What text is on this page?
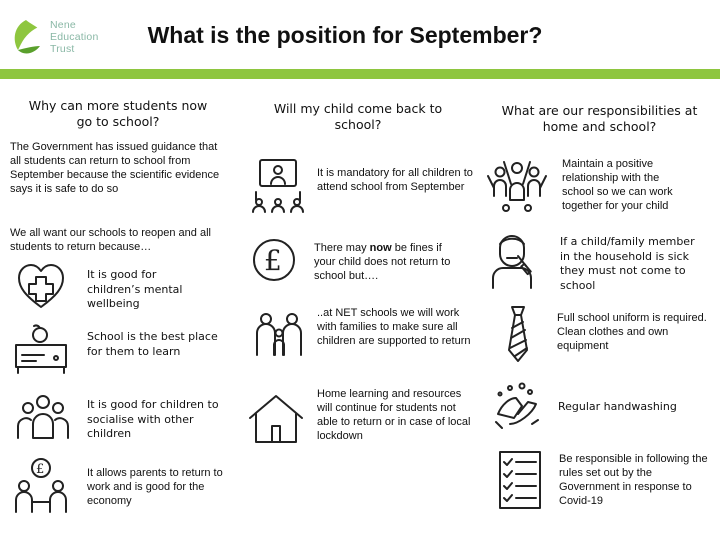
Nene
Education
Trust
What is the position for September?
Why can more students now go to school?
The Government has issued guidance that all students can return to school from September because the scientific evidence says it is safe to do so
We all want our schools to reopen and all students to return because…
It is good for children’s mental wellbeing
School is the best place for them to learn
It is good for children to socialise with other children
£	It allows parents to return to work and is good for the economy
Will my child come back to school?
It is mandatory for all children to attend school from September
£	There may now be fines if your child does not return to school but….
..at NET schools we will work with families to make sure all children are supported to return
Home learning and resources will continue for students not able to return or in case of local lockdown
What are our responsibilities at home and school?
Maintain a positive relationship with the school so we can work together for your child
If a child/family member in the household is sick they must not come to school
Full school uniform is required.
Clean clothes and own equipment
Regular handwashing
Be responsible in following the rules set out by the Government in response to Covid-19
